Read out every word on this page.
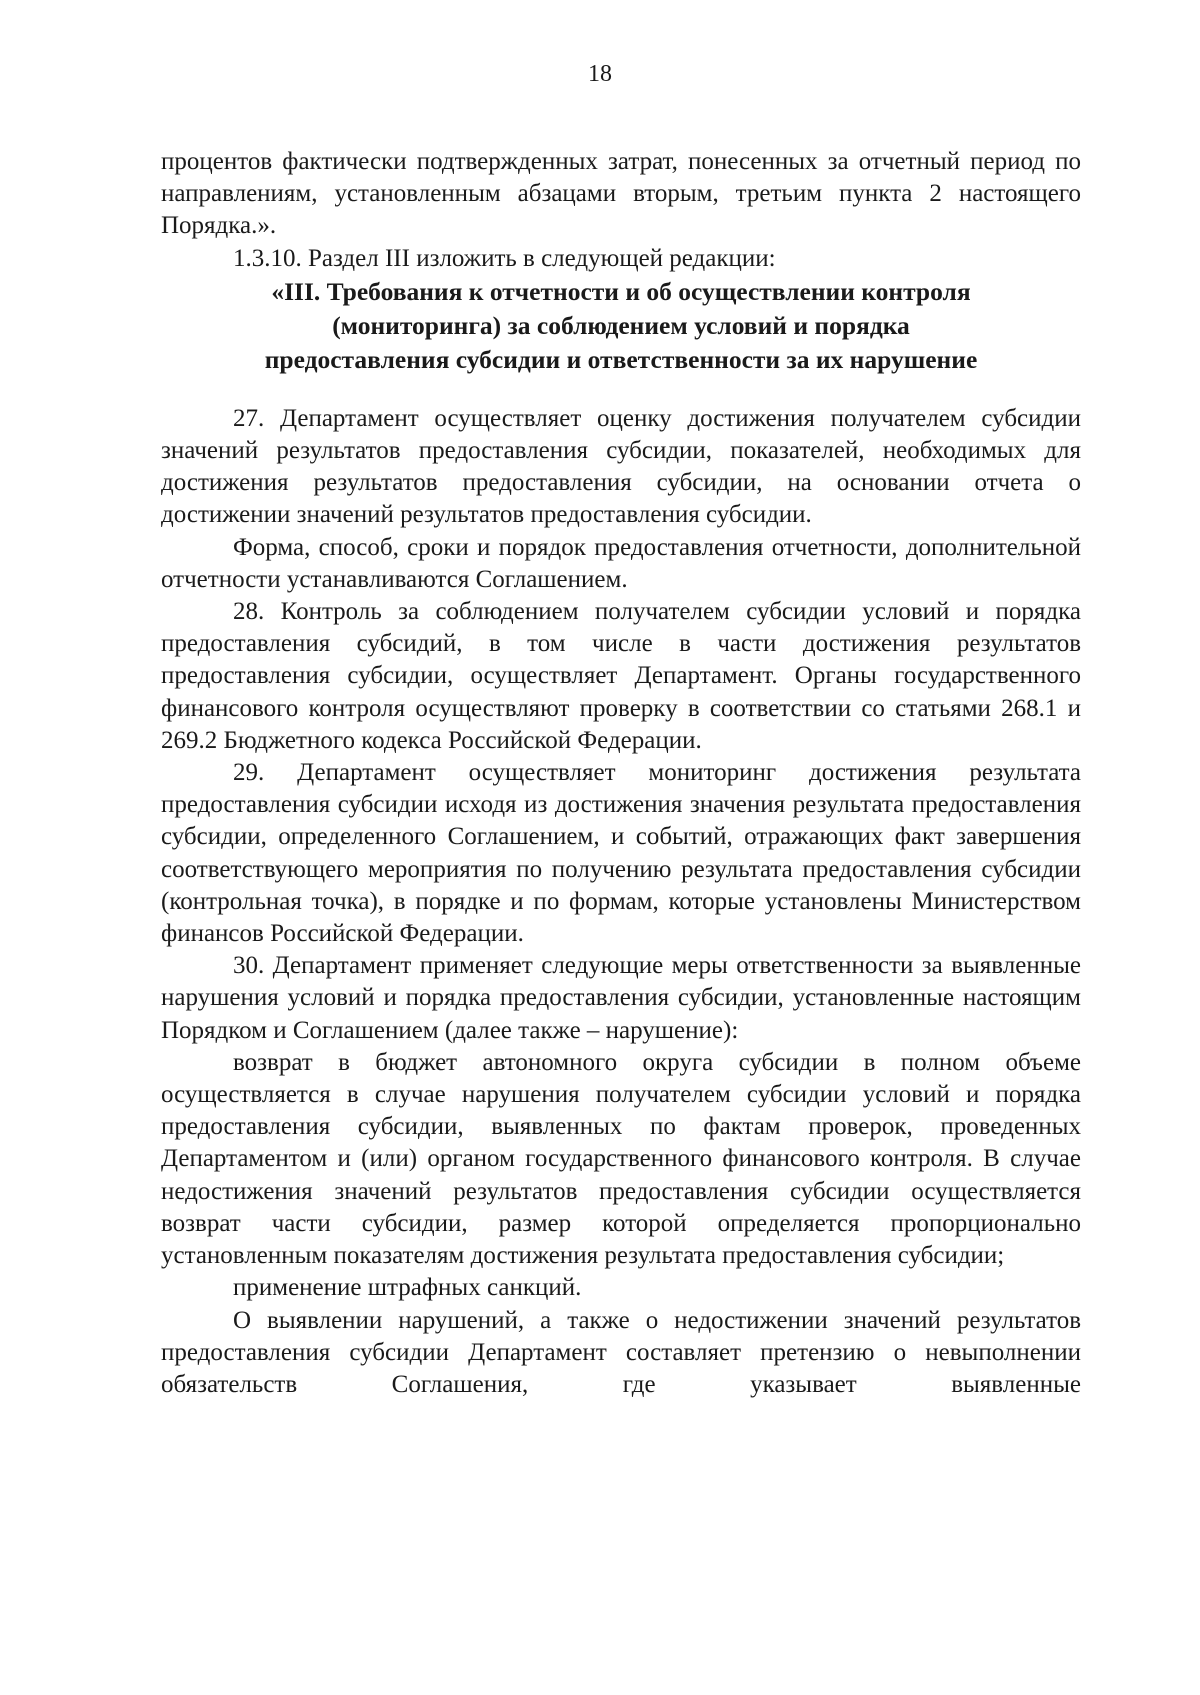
18

процентов фактически подтвержденных затрат, понесенных за отчетный период по направлениям, установленным абзацами вторым, третьим пункта 2 настоящего Порядка.».

1.3.10. Раздел III изложить в следующей редакции:

«III. Требования к отчетности и об осуществлении контроля
(мониторинга) за соблюдением условий и порядка
предоставления субсидии и ответственности за их нарушение

27. Департамент осуществляет оценку достижения получателем субсидии значений результатов предоставления субсидии, показателей, необходимых для достижения результатов предоставления субсидии, на основании отчета о достижении значений результатов предоставления субсидии.

Форма, способ, сроки и порядок предоставления отчетности, дополнительной отчетности устанавливаются Соглашением.

28. Контроль за соблюдением получателем субсидии условий и порядка предоставления субсидий, в том числе в части достижения результатов предоставления субсидии, осуществляет Департамент. Органы государственного финансового контроля осуществляют проверку в соответствии со статьями 268.1 и 269.2 Бюджетного кодекса Российской Федерации.

29. Департамент осуществляет мониторинг достижения результата предоставления субсидии исходя из достижения значения результата предоставления субсидии, определенного Соглашением, и событий, отражающих факт завершения соответствующего мероприятия по получению результата предоставления субсидии (контрольная точка), в порядке и по формам, которые установлены Министерством финансов Российской Федерации.

30. Департамент применяет следующие меры ответственности за выявленные нарушения условий и порядка предоставления субсидии, установленные настоящим Порядком и Соглашением (далее также – нарушение):

возврат в бюджет автономного округа субсидии в полном объеме осуществляется в случае нарушения получателем субсидии условий и порядка предоставления субсидии, выявленных по фактам проверок, проведенных Департаментом и (или) органом государственного финансового контроля. В случае недостижения значений результатов предоставления субсидии осуществляется возврат части субсидии, размер которой определяется пропорционально установленным показателям достижения результата предоставления субсидии;

применение штрафных санкций.

О выявлении нарушений, а также о недостижении значений результатов предоставления субсидии Департамент составляет претензию о невыполнении обязательств Соглашения, где указывает выявленные
